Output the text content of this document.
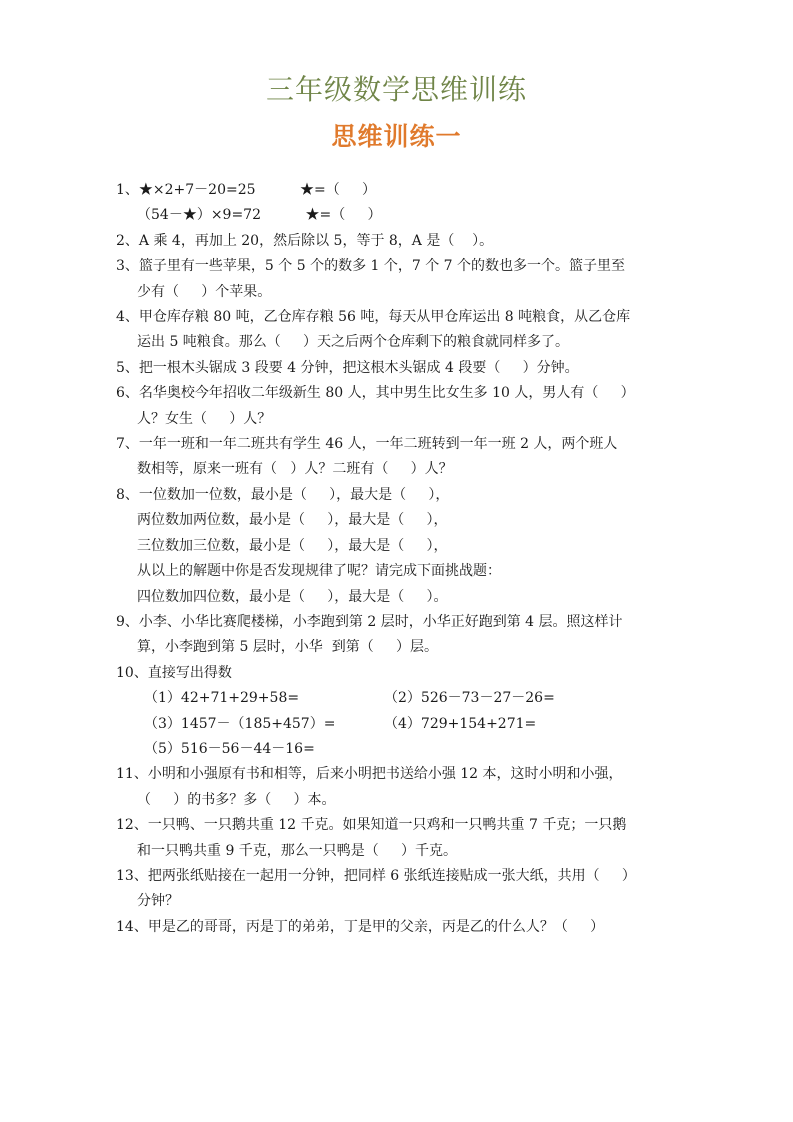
三年级数学思维训练
思维训练一
1、★×2+7－20=25          ★=（     ）
（54－★）×9=72          ★=（     ）
2、A 乘 4，再加上 20，然后除以 5，等于 8，A 是（    ）。
3、篮子里有一些苹果，5 个 5 个的数多 1 个，7 个 7 个的数也多一个。篮子里至
少有（     ）个苹果。
4、甲仓库存粮 80 吨，乙仓库存粮 56 吨，每天从甲仓库运出 8 吨粮食，从乙仓库
运出 5 吨粮食。那么（     ）天之后两个仓库剩下的粮食就同样多了。
5、把一根木头锯成 3 段要 4 分钟，把这根木头锯成 4 段要（     ）分钟。
6、名华奥校今年招收二年级新生 80 人，其中男生比女生多 10 人，男人有（     ）
人？女生（     ）人？
7、一年一班和一年二班共有学生 46 人，一年二班转到一年一班 2 人，两个班人
数相等，原来一班有（   ）人？二班有（     ）人？
8、一位数加一位数，最小是（     ），最大是（     ），
两位数加两位数，最小是（     ），最大是（     ），
三位数加三位数，最小是（     ），最大是（     ），
从以上的解题中你是否发现规律了呢？请完成下面挑战题：
四位数加四位数，最小是（     ），最大是（     ）。
9、小李、小华比赛爬楼梯，小李跑到第 2 层时，小华正好跑到第 4 层。照这样计
算，小李跑到第 5 层时，小华  到第（     ）层。
10、直接写出得数
（1）42+71+29+58=	（2）526－73－27－26=
（3）1457－（185+457）=	（4）729+154+271=
（5）516－56－44－16=
11、小明和小强原有书和相等，后来小明把书送给小强 12 本，这时小明和小强，
（     ）的书多？多（     ）本。
12、一只鸭、一只鹅共重 12 千克。如果知道一只鸡和一只鸭共重 7 千克；一只鹅
和一只鸭共重 9 千克，那么一只鸭是（     ）千克。
13、把两张纸贴接在一起用一分钟，把同样 6 张纸连接贴成一张大纸，共用（     ）
分钟？
14、甲是乙的哥哥，丙是丁的弟弟，丁是甲的父亲，丙是乙的什么人？（     ）
